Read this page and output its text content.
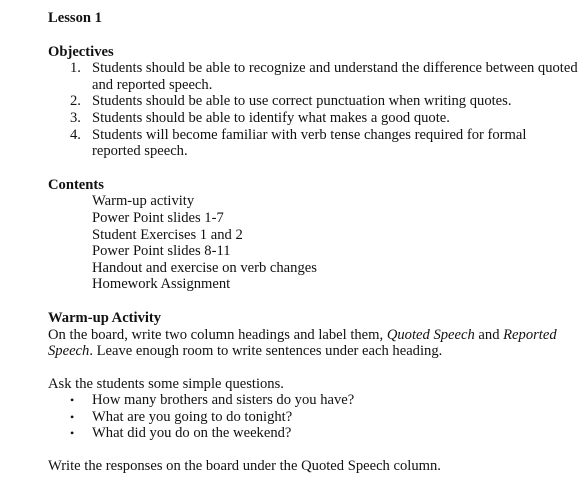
Lesson 1

Objectives

1. Students should be able to recognize and understand the difference between quoted and reported speech.
2. Students should be able to use correct punctuation when writing quotes.
3. Students should be able to identify what makes a good quote.
4. Students will become familiar with verb tense changes required for formal reported speech.

Contents

Warm-up activity
Power Point slides 1-7
Student Exercises 1 and 2
Power Point slides 8-11
Handout and exercise on verb changes
Homework Assignment

Warm-up Activity

On the board, write two column headings and label them, Quoted Speech and Reported Speech. Leave enough room to write sentences under each heading.

Ask the students some simple questions.

• How many brothers and sisters do you have?
• What are you going to do tonight?
• What did you do on the weekend?

Write the responses on the board under the Quoted Speech column.
